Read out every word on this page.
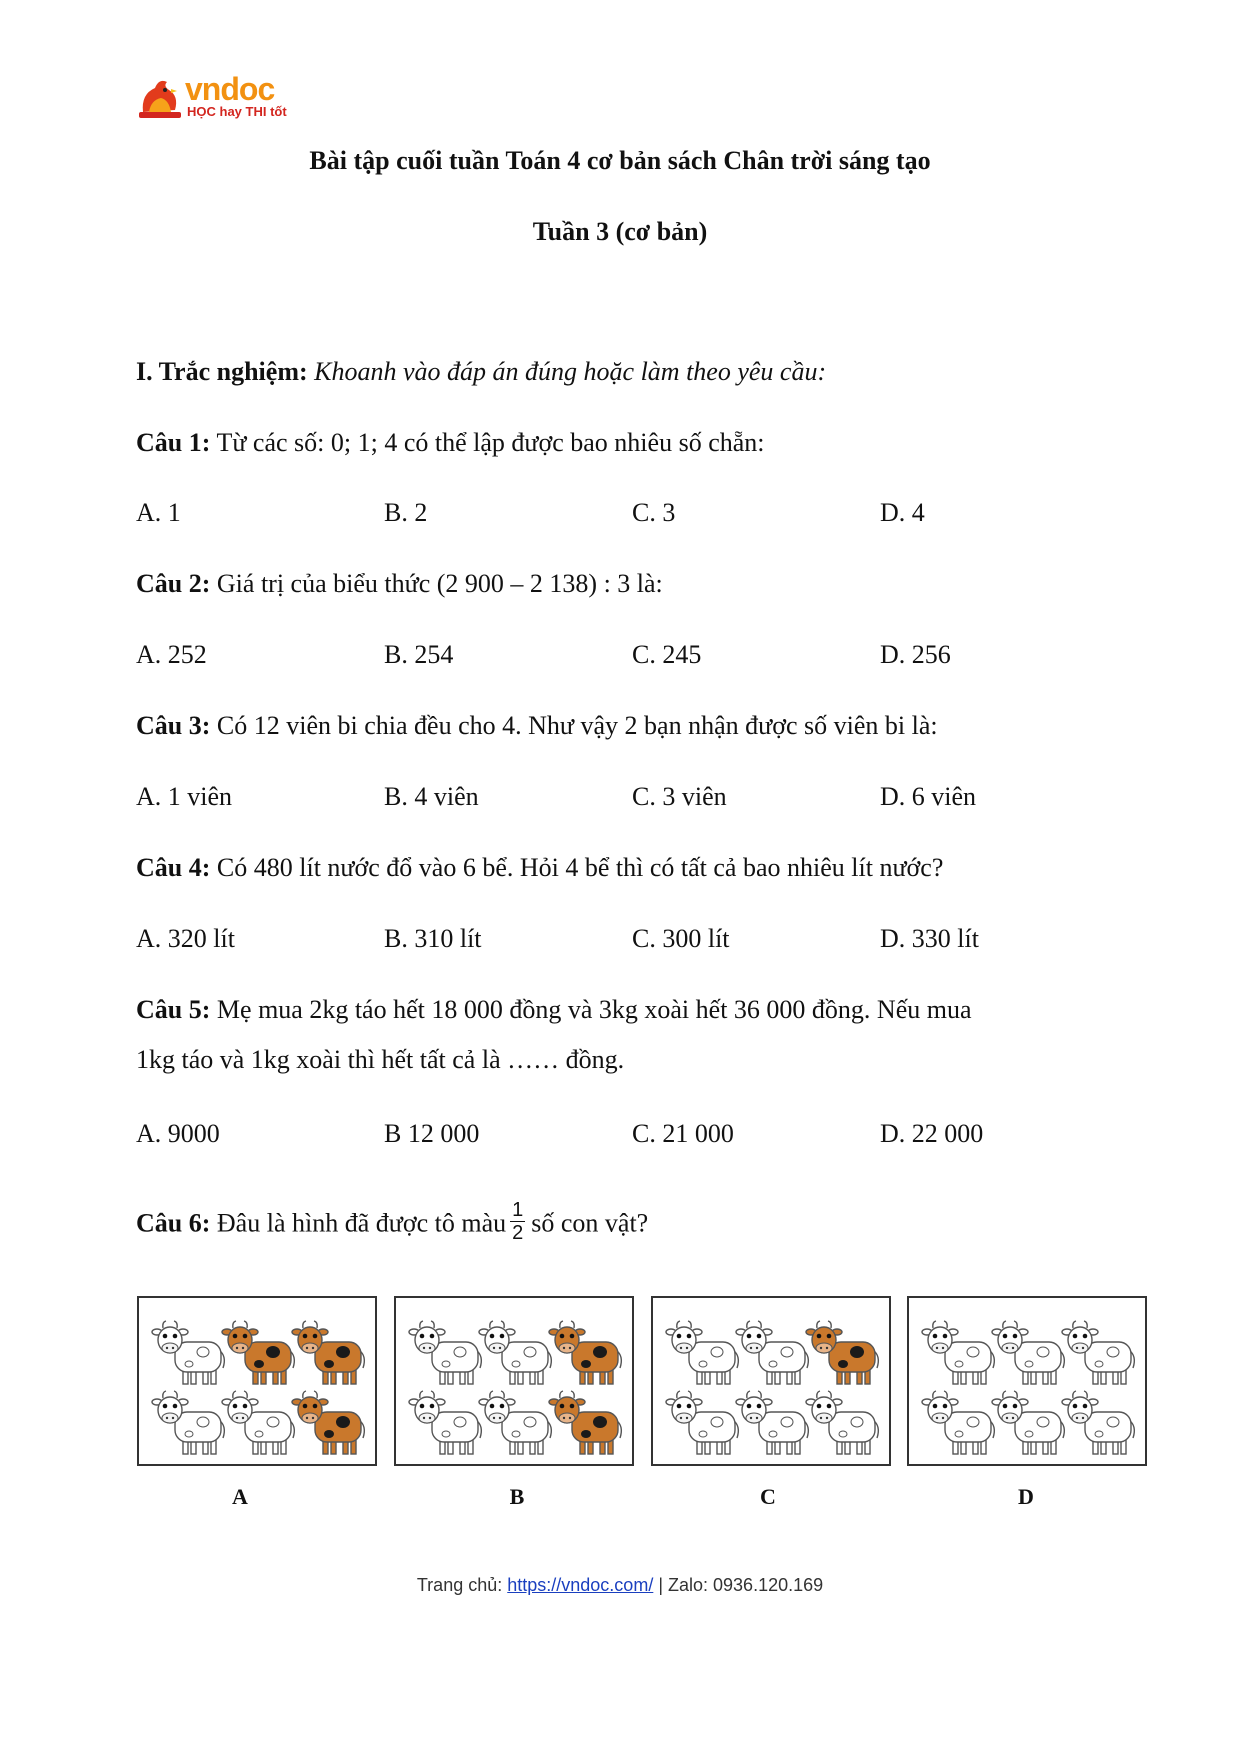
vndoc
HỌC hay THI tốt
Bài tập cuối tuần Toán 4 cơ bản sách Chân trời sáng tạo
Tuần 3 (cơ bản)
I. Trắc nghiệm: Khoanh vào đáp án đúng hoặc làm theo yêu cầu:
Câu 1: Từ các số: 0; 1; 4 có thể lập được bao nhiêu số chẵn:
A. 1	B. 2	C. 3	D. 4
Câu 2: Giá trị của biểu thức (2 900 – 2 138) : 3 là:
A. 252	B. 254	C. 245	D. 256
Câu 3: Có 12 viên bi chia đều cho 4. Như vậy 2 bạn nhận được số viên bi là:
A. 1 viên	B. 4 viên	C. 3 viên	D. 6 viên
Câu 4: Có 480 lít nước đổ vào 6 bể. Hỏi 4 bể thì có tất cả bao nhiêu lít nước?
A. 320 lít	B. 310 lít	C. 300 lít	D. 330 lít
Câu 5: Mẹ mua 2kg táo hết 18 000 đồng và 3kg xoài hết 36 000 đồng. Nếu mua
1kg táo và 1kg xoài thì hết tất cả là …… đồng.
A. 9000	B 12 000	C. 21 000	D. 22 000
Câu 6: Đâu là hình đã được tô màu $\frac{1}{2}$ số con vật?
A	B	C	D
Trang chủ: https://vndoc.com/ | Zalo: 0936.120.169
